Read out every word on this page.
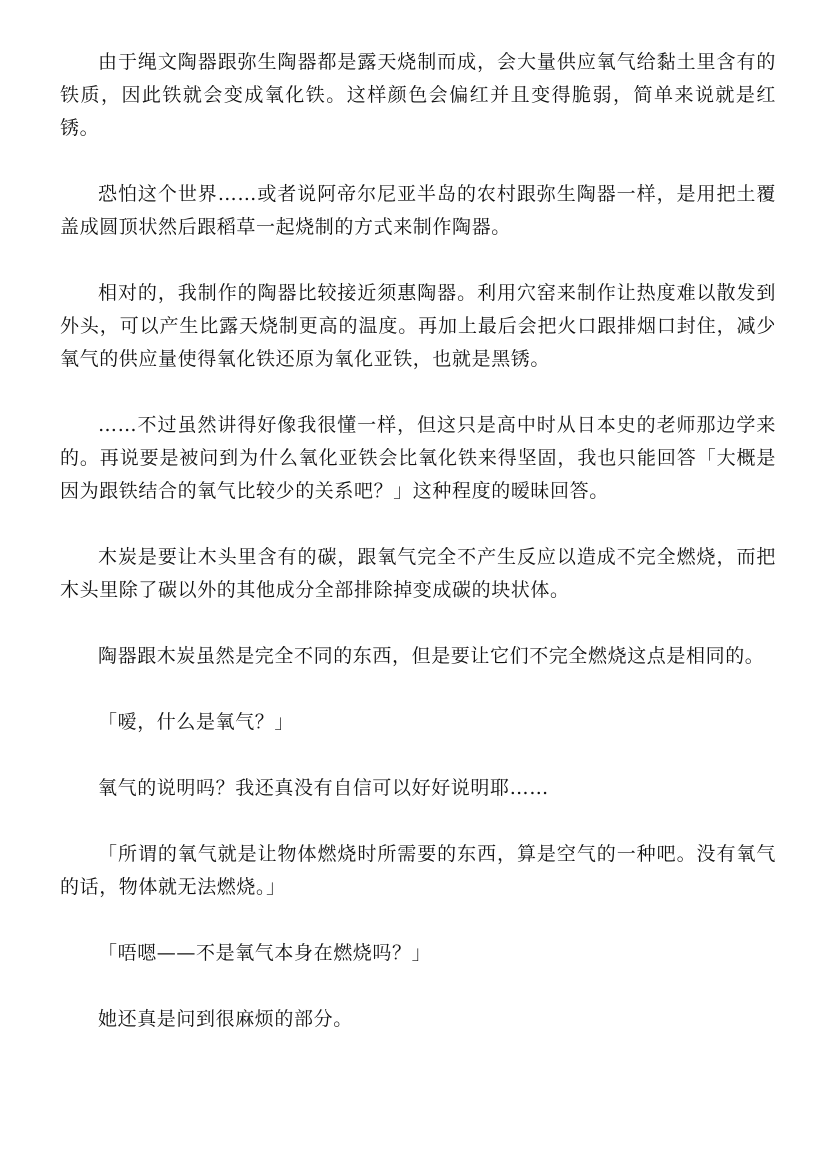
由于绳文陶器跟弥生陶器都是露天烧制而成，会大量供应氧气给黏土里含有的铁质，因此铁就会变成氧化铁。这样颜色会偏红并且变得脆弱，简单来说就是红锈。

恐怕这个世界……或者说阿帝尔尼亚半岛的农村跟弥生陶器一样，是用把土覆盖成圆顶状然后跟稻草一起烧制的方式来制作陶器。

相对的，我制作的陶器比较接近须惠陶器。利用穴窑来制作让热度难以散发到外头，可以产生比露天烧制更高的温度。再加上最后会把火口跟排烟口封住，减少氧气的供应量使得氧化铁还原为氧化亚铁，也就是黑锈。

……不过虽然讲得好像我很懂一样，但这只是高中时从日本史的老师那边学来的。再说要是被问到为什么氧化亚铁会比氧化铁来得坚固，我也只能回答「大概是因为跟铁结合的氧气比较少的关系吧？」这种程度的暧昧回答。

木炭是要让木头里含有的碳，跟氧气完全不产生反应以造成不完全燃烧，而把木头里除了碳以外的其他成分全部排除掉变成碳的块状体。

陶器跟木炭虽然是完全不同的东西，但是要让它们不完全燃烧这点是相同的。

「嗳，什么是氧气？」

氧气的说明吗？我还真没有自信可以好好说明耶……

「所谓的氧气就是让物体燃烧时所需要的东西，算是空气的一种吧。没有氧气的话，物体就无法燃烧。」

「唔嗯——不是氧气本身在燃烧吗？」

她还真是问到很麻烦的部分。
